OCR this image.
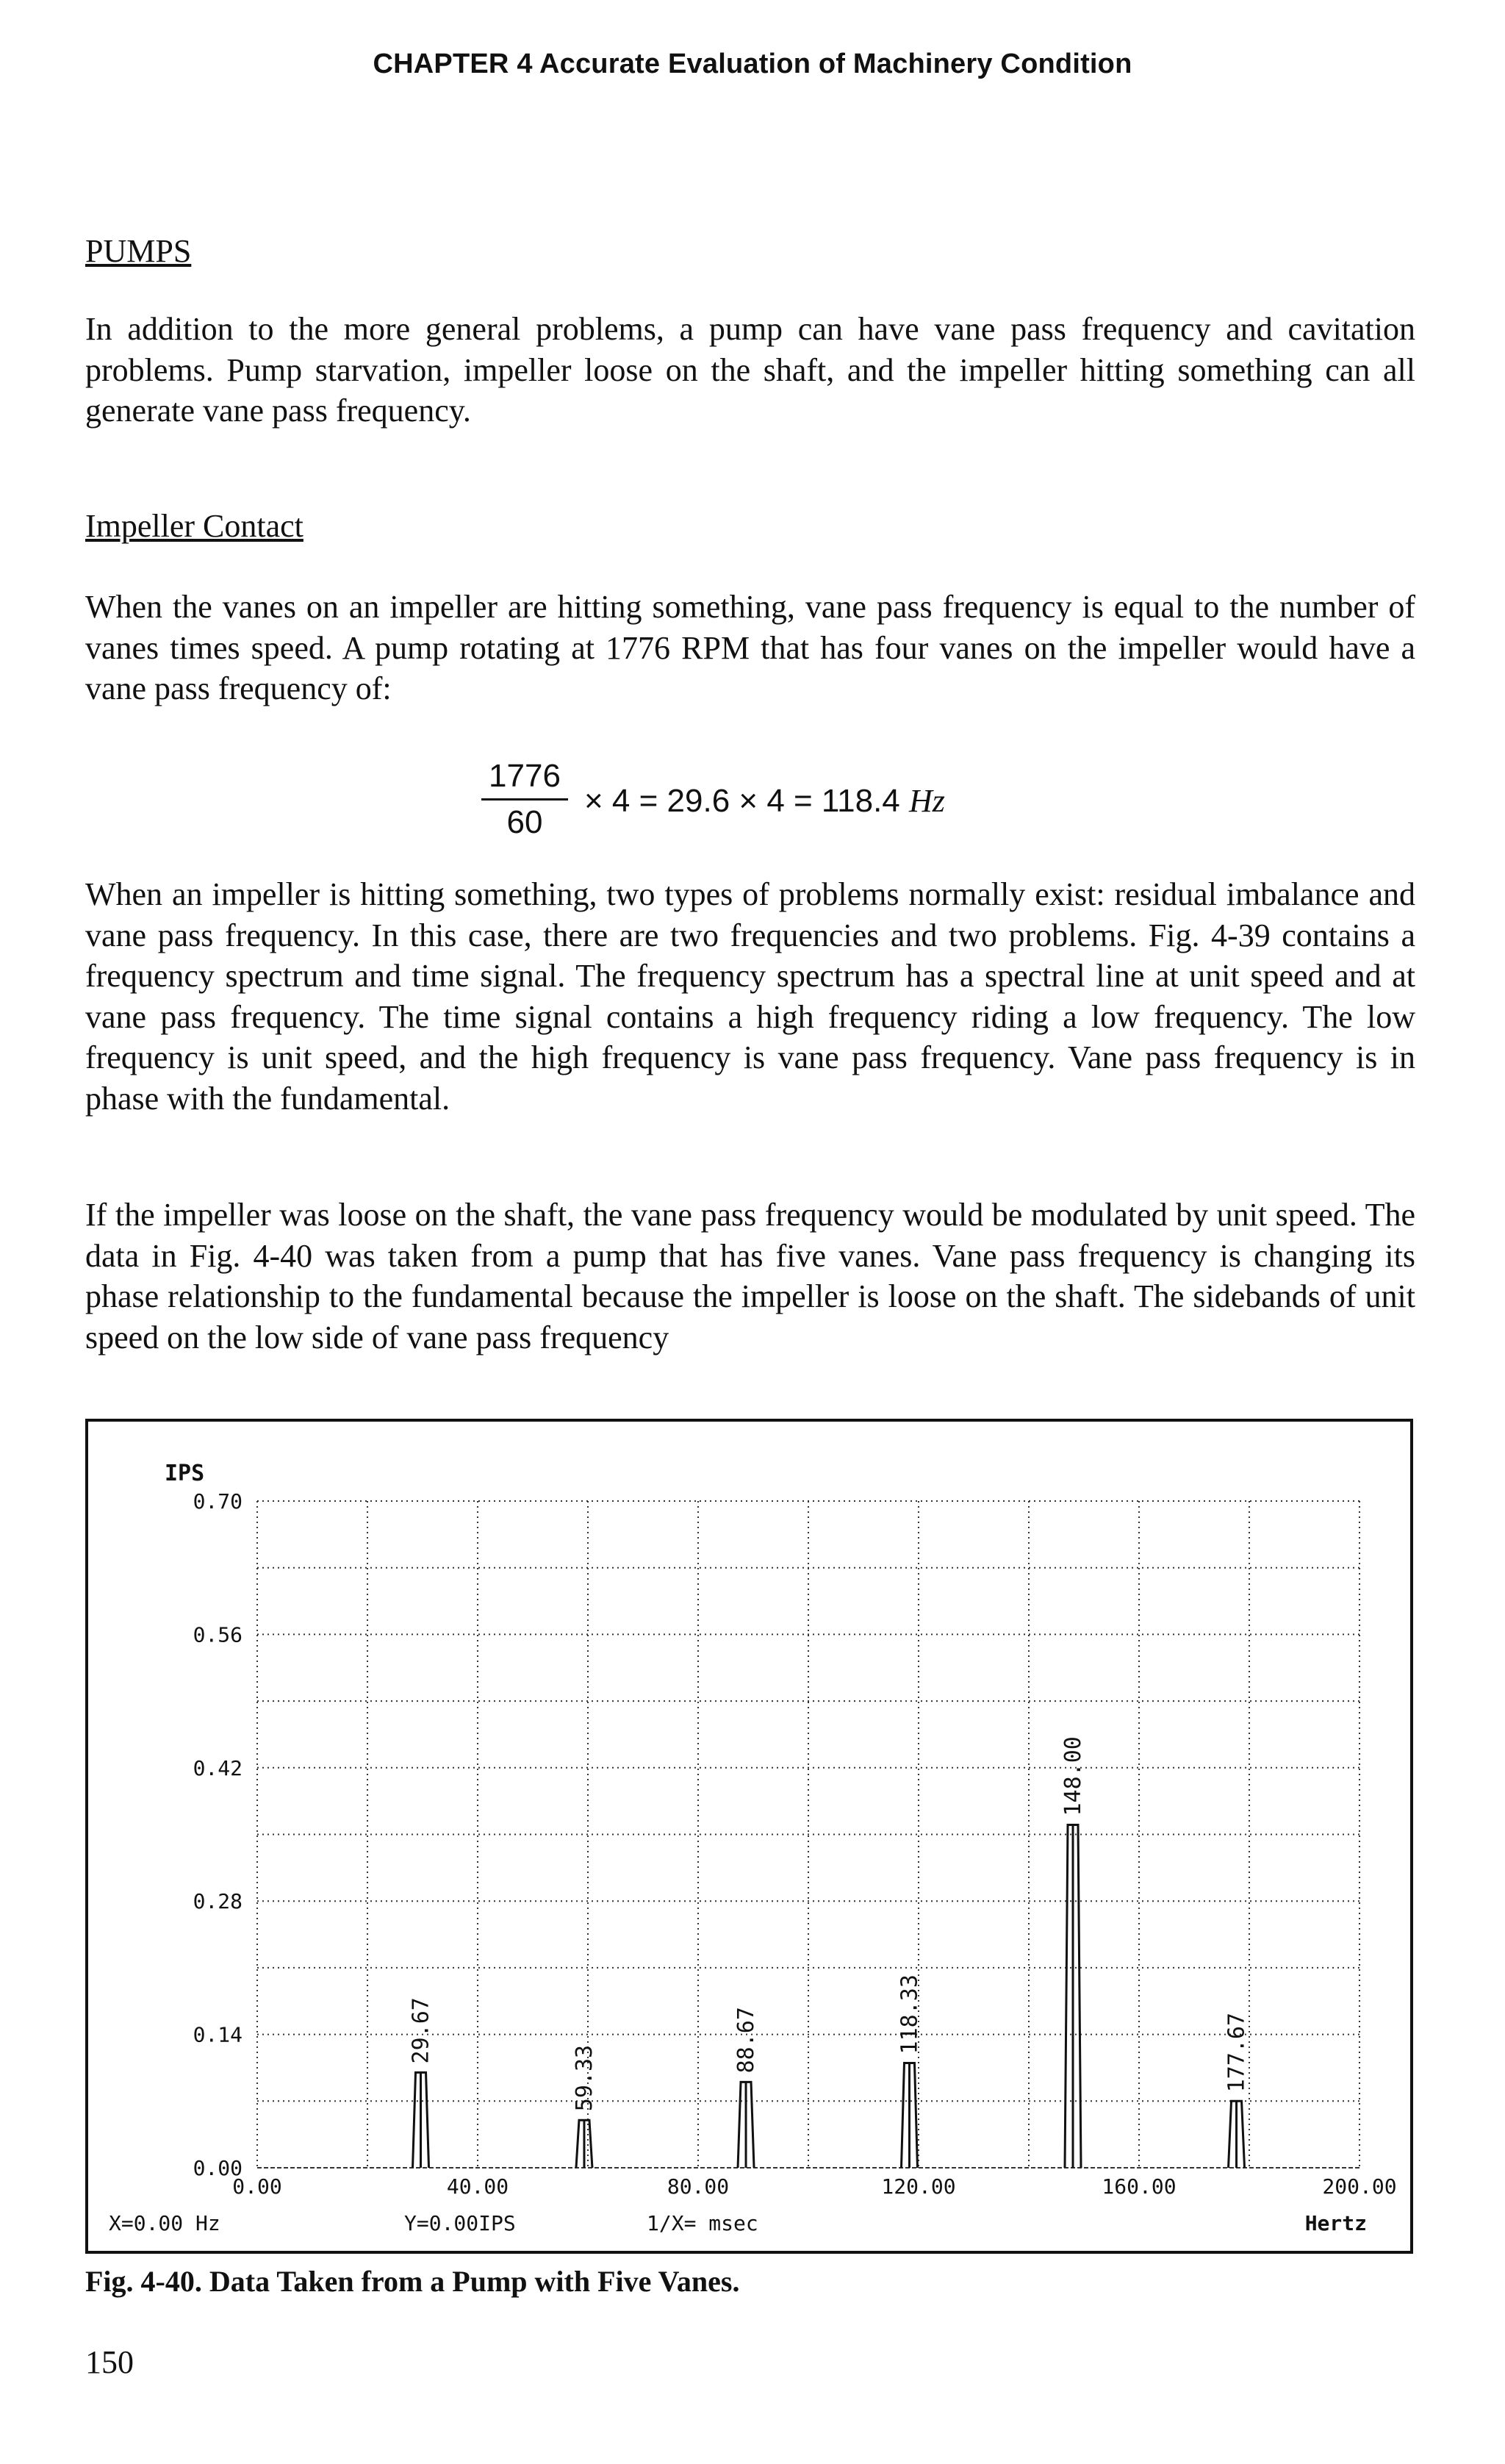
CHAPTER 4 Accurate Evaluation of Machinery Condition
PUMPS

In addition to the more general problems, a pump can have vane pass frequency and cavitation problems. Pump starvation, impeller loose on the shaft, and the impeller hitting something can all generate vane pass frequency.

Impeller Contact

When the vanes on an impeller are hitting something, vane pass frequency is equal to the number of vanes times speed. A pump rotating at 1776 RPM that has four vanes on the impeller would have a vane pass frequency of:

1776
60
× 4 = 29.6 × 4 = 118.4 Hz

When an impeller is hitting something, two types of problems normally exist: residual imbalance and vane pass frequency. In this case, there are two frequencies and two problems. Fig. 4-39 contains a frequency spectrum and time signal. The frequency spectrum has a spectral line at unit speed and at vane pass frequency. The time signal contains a high frequency riding a low frequency. The low frequency is unit speed, and the high frequency is vane pass frequency. Vane pass frequency is in phase with the fundamental.

If the impeller was loose on the shaft, the vane pass frequency would be modulated by unit speed. The data in Fig. 4-40 was taken from a pump that has five vanes. Vane pass frequency is changing its phase relationship to the fundamental because the impeller is loose on the shaft. The sidebands of unit speed on the low side of vane pass frequency

0.00
0.14
0.28
0.42
0.56
0.70
0.00	40.00	80.00	120.00	160.00	200.00
29.67
59.33
88.67	118.33
148.00
177.67
IPS
X=0.00 Hz	Y=0.00IPS	1/X= msec	Hertz
Fig. 4-40. Data Taken from a Pump with Five Vanes.
150
